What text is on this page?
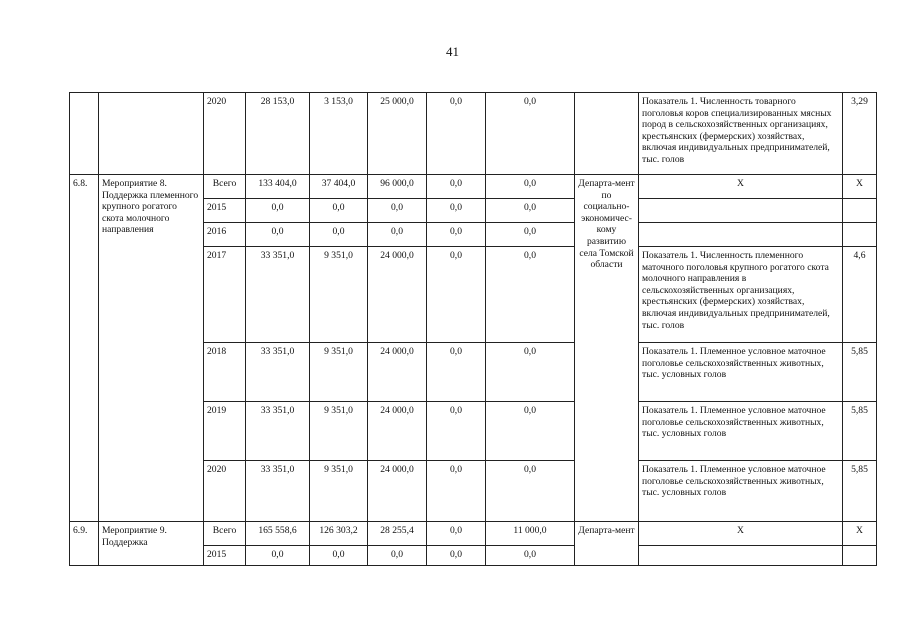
41
		2020	28 153,0	3 153,0	25 000,0	0,0	0,0		Показатель 1. Численность товарного поголовья коров специализированных мясных пород в сельскохозяйственных организациях, крестьянских (фермерских) хозяйствах, включая индивидуальных предпринимателей, тыс. голов	3,29
6.8.	Мероприятие 8. Поддержка племенного крупного рогатого скота молочного направления	Всего	133 404,0	37 404,0	96 000,0	0,0	0,0	Департа-мент по социально-экономичес-кому развитию села Томской области	Х	Х
		2015	0,0	0,0	0,0	0,0	0,0			
		2016	0,0	0,0	0,0	0,0	0,0			
		2017	33 351,0	9 351,0	24 000,0	0,0	0,0		Показатель 1. Численность племенного маточного поголовья крупного рогатого скота молочного направления в сельскохозяйственных организациях, крестьянских (фермерских) хозяйствах, включая индивидуальных предпринимателей, тыс. голов	4,6
		2018	33 351,0	9 351,0	24 000,0	0,0	0,0		Показатель 1. Племенное условное маточное поголовье сельскохозяйственных животных, тыс. условных голов	5,85
		2019	33 351,0	9 351,0	24 000,0	0,0	0,0		Показатель 1. Племенное условное маточное поголовье сельскохозяйственных животных, тыс. условных голов	5,85
		2020	33 351,0	9 351,0	24 000,0	0,0	0,0		Показатель 1. Племенное условное маточное поголовье сельскохозяйственных животных, тыс. условных голов	5,85
6.9.	Мероприятие 9. Поддержка	Всего	165 558,6	126 303,2	28 255,4	0,0	11 000,0	Департа-мент	Х	Х
		2015	0,0	0,0	0,0	0,0	0,0			
